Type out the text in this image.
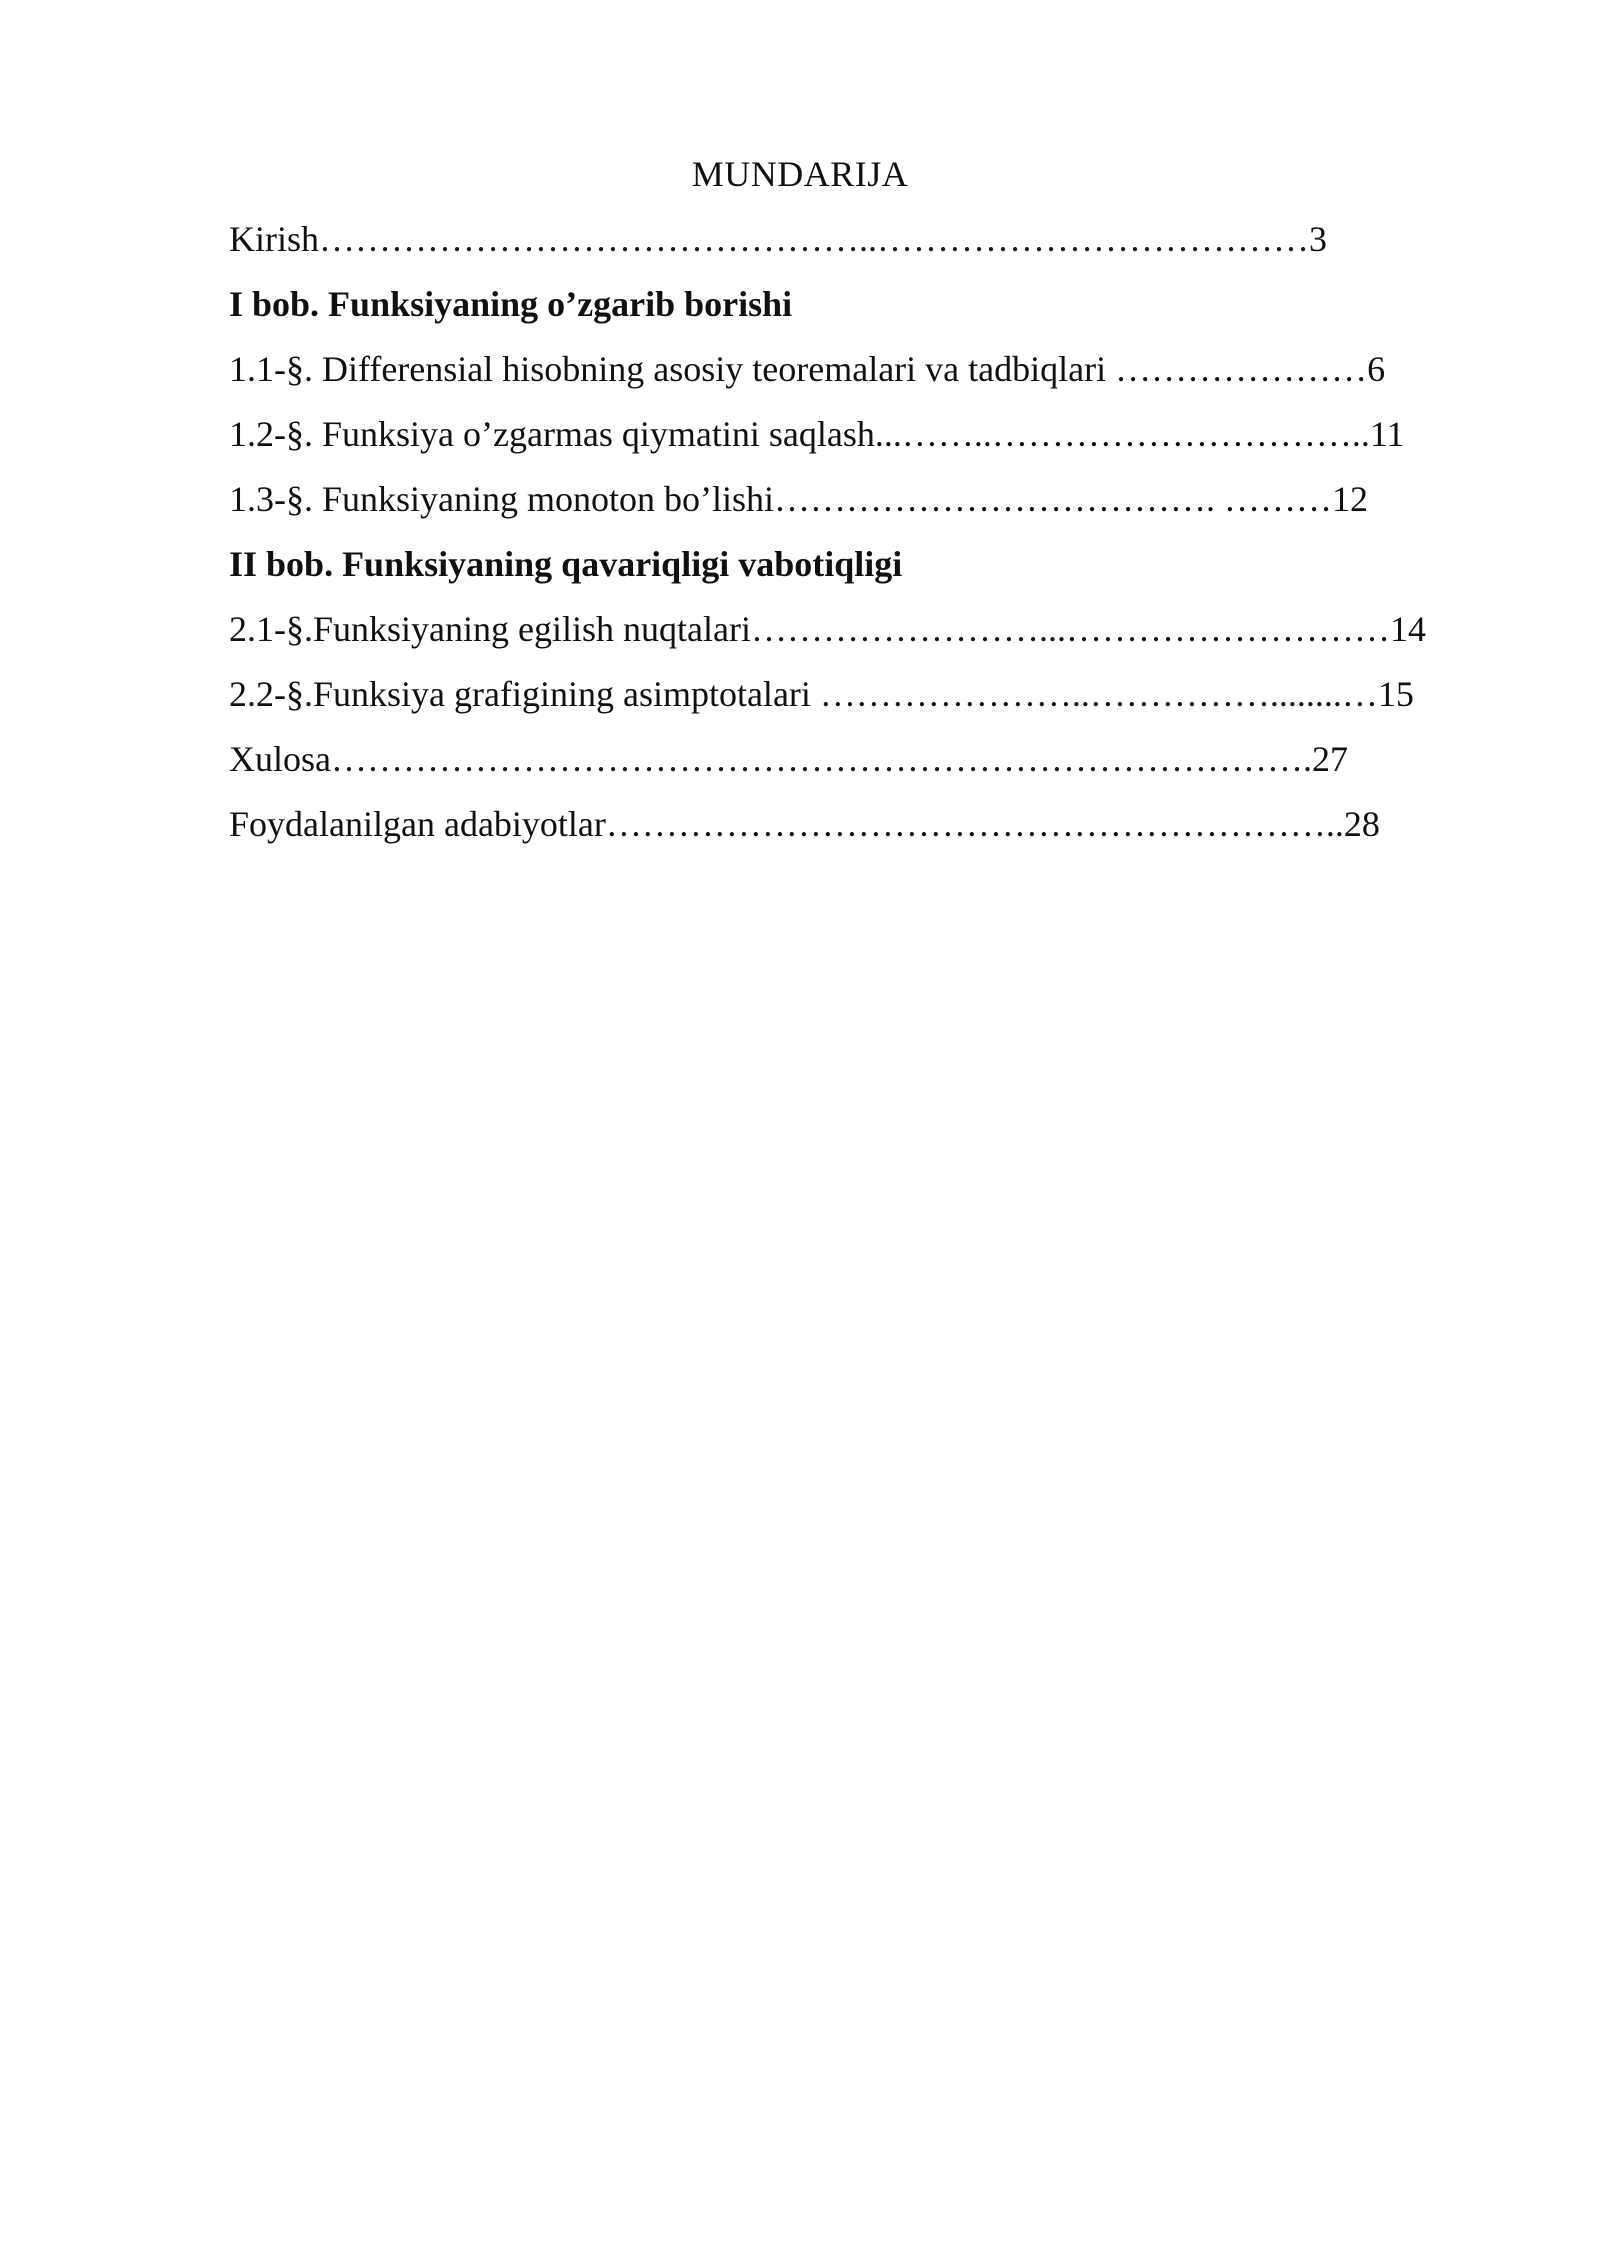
MUNDARIJA
Kirish………………………………………..………………………………3
I bob. Funksiyaning o’zgarib borishi
1.1-§. Differensial hisobning asosiy teoremalari va tadbiqlari …………………6
1.2-§. Funksiya o’zgarmas qiymatini saqlash...……..…………………………..11
1.3-§. Funksiyaning monoton bo’lishi………………………………. ………12
II bob. Funksiyaning qavariqligi vabotiqligi
2.1-§.Funksiyaning egilish nuqtalari……………………...………………………14
2.2-§.Funksiya grafigining asimptotalari …………………..……………........…15
Xulosa……………………………………………………………………….27
Foydalanilgan adabiyotlar……………………………………………………..28
